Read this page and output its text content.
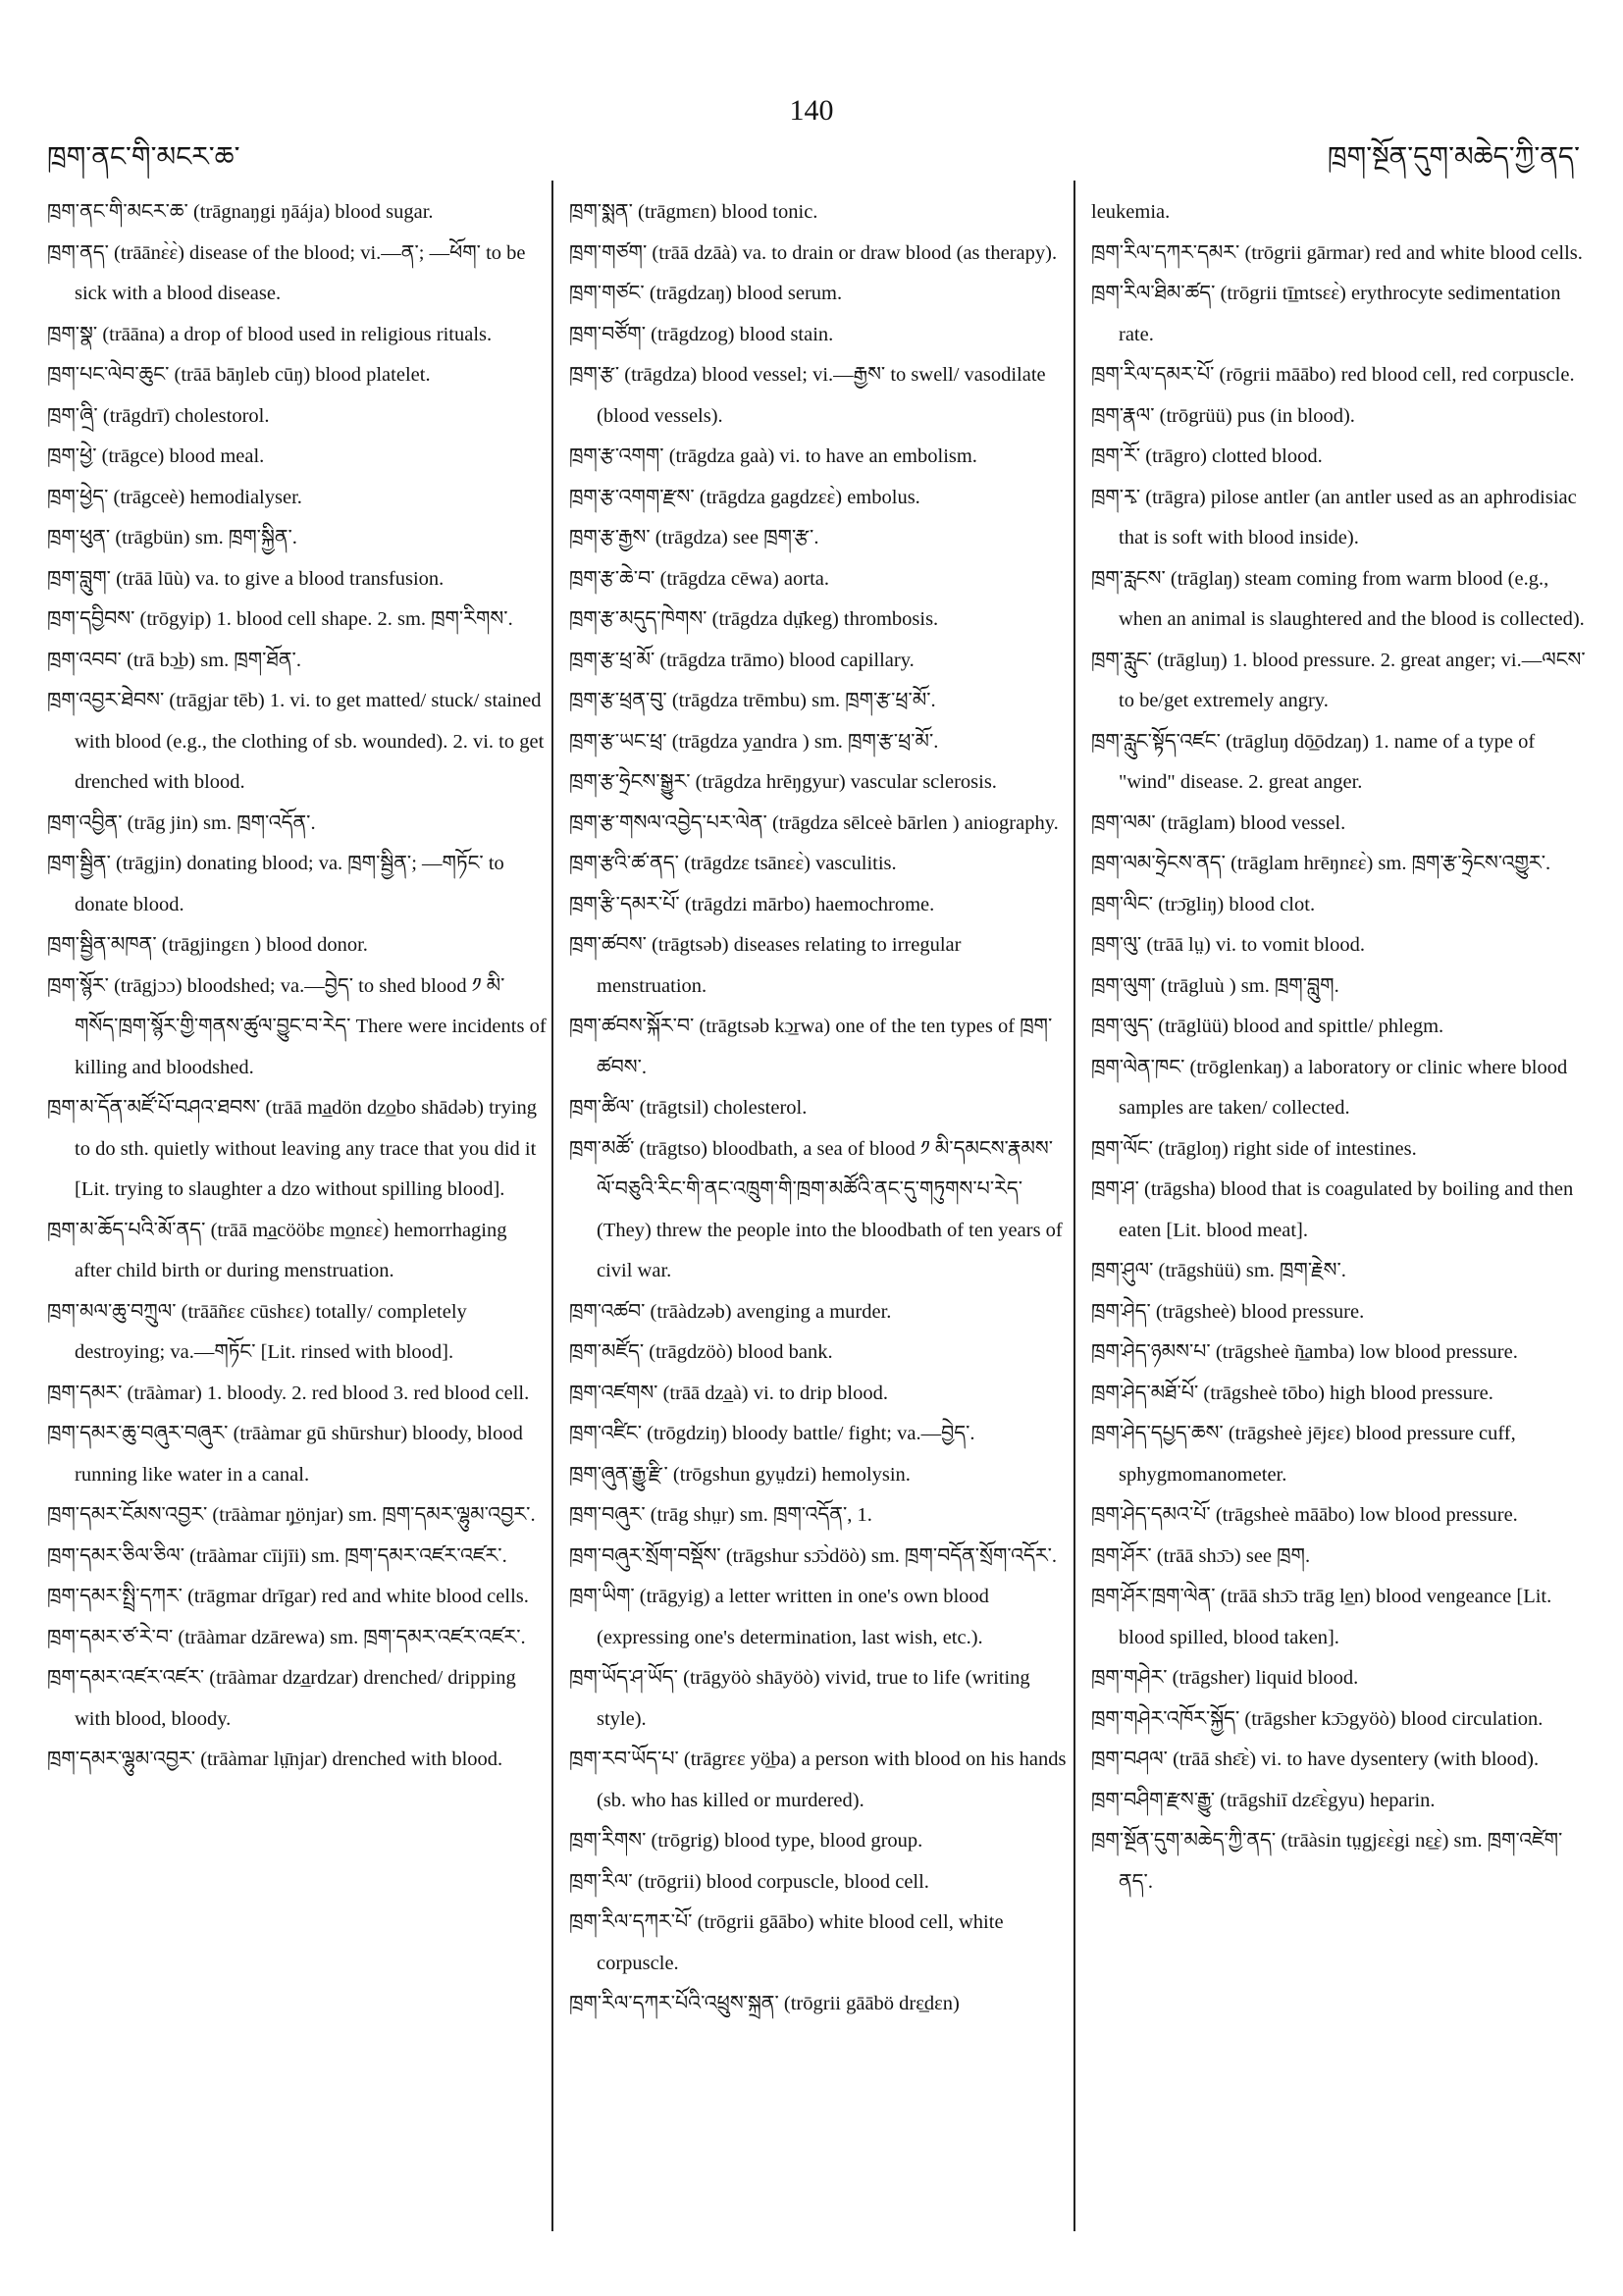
ཁྲག་ནང་གི་མངར་ཆ་
140
ཁྲག་སྔོན་དུག་མཆེད་ཀྱི་ནད་

ཁྲག་ནང་གི་མངར་ཆ་ (trāgnaŋgi ŋāája) blood sugar.

ཁྲག་ནད་ (trāānɛ̀ɛ̀) disease of the blood; vi.—ན་; —ཕོག་ to be sick with a blood disease.

ཁྲག་སྣ་ (trāāna) a drop of blood used in religious rituals.

ཁྲག་པང་ལེབ་ཆུང་ (trāā bāŋleb cūŋ) blood platelet.

ཁྲག་ཞྲི་ (trāgdrī) cholestorol.

ཁྲག་ཕྱེ་ (trāgce) blood meal.

ཁྲག་ཕྱེད་ (trāgceè) hemodialyser.

ཁྲག་ཕུན་ (trāgbün) sm. ཁྲག་སྐྱིན་.

ཁྲག་བླུག་ (trāā lūù) va. to give a blood transfusion.

ཁྲག་དབྱིབས་ (trōgyip) 1. blood cell shape. 2. sm. ཁྲག་རིགས་.

ཁྲག་འབབ་ (trā bɔ̲b) sm. ཁྲག་ཐོན་.

ཁྲག་འབྱར་ཐེབས་ (trāgjar tēb) 1. vi. to get matted/ stuck/ stained with blood (e.g., the clothing of sb. wounded). 2. vi. to get drenched with blood.

ཁྲག་འབྱིན་ (trāg jin) sm. ཁྲག་འདོན་.

ཁྲག་སྦྱིན་ (trāgjin) donating blood; va. ཁྲག་སྦྱིན་; —གཏོང་ to donate blood.

ཁྲག་སྦྱིན་མཁན་ (trāgjingɛn ) blood donor.

ཁྲག་སྙོར་ (trāgjɔɔ) bloodshed; va.—བྱེད་ to shed blood ༡ མི་གསོད་ཁྲག་སྙོར་གྱི་གནས་ཚུལ་བྱུང་བ་རེད་ There were incidents of killing and bloodshed.

ཁྲག་མ་དོན་མཛོ་པོ་བཤའ་ཐབས་ (trāā ma̲dön dzo̲bo shādəb) trying to do sth. quietly without leaving any trace that you did it [Lit. trying to slaughter a dzo without spilling blood].

ཁྲག་མ་ཆོད་པའི་མོ་ནད་ (trāā ma̲cööbɛ mo̲nɛɛ̀) hemorrhaging after child birth or during menstruation.

ཁྲག་མལ་ཆུ་བཀྲུལ་ (trāāñɛɛ cūshɛɛ) totally/ completely destroying; va.—གཏོང་ [Lit. rinsed with blood].

ཁྲག་དམར་ (trāàmar) 1. bloody. 2. red blood 3. red blood cell.

ཁྲག་དམར་ཆུ་བཞུར་བཞུར་ (trāàmar gū shūrshur) bloody, blood running like water in a canal.

ཁྲག་དམར་ངོམས་འབྱར་ (trāàmar ŋ̲önjar) sm. ཁྲག་དམར་ལྷུམ་འབྱར་.

ཁྲག་དམར་ཅིལ་ཅིལ་ (trāàmar cīijīi) sm. ཁྲག་དམར་འཛར་འཛར་.

ཁྲག་དམར་སྤྲི་དཀར་ (trāgmar drīgar) red and white blood cells.

ཁྲག་དམར་ཙ་རེ་བ་ (trāàmar dzārewa) sm. ཁྲག་དམར་འཛར་འཛར་.

ཁྲག་དམར་འཛར་འཛར་ (trāàmar dza̲rdzar) drenched/ dripping with blood, bloody.

ཁྲག་དམར་ལྷུམ་འབྱར་ (trāàmar lṳ̄njar) drenched with blood.

ཁྲག་སྨན་ (trāgmɛn) blood tonic.

ཁྲག་གཙག་ (trāā dzāà) va. to drain or draw blood (as therapy).

ཁྲག་གཙང་ (trāgdzaŋ) blood serum.

ཁྲག་བཙོག་ (trāgdzog) blood stain.

ཁྲག་རྩ་ (trāgdza) blood vessel; vi.—རྒྱས་ to swell/ vasodilate (blood vessels).

ཁྲག་རྩ་འགག་ (trāgdza gaà) vi. to have an embolism.

ཁྲག་རྩ་འགག་རྫས་ (trāgdza gagdzɛɛ̀) embolus.

ཁྲག་རྩ་རྒྱས་ (trāgdza) see ཁྲག་རྩ་.

ཁྲག་རྩ་ཆེ་བ་ (trāgdza cēwa) aorta.

ཁྲག་རྩ་མདུད་ཁེགས་ (trāgdza dṳ̄keg) thrombosis.

ཁྲག་རྩ་ཕྲ་མོ་ (trāgdza trāmo) blood capillary.

ཁྲག་རྩ་ཕྲན་བུ་ (trāgdza trēmbu) sm. ཁྲག་རྩ་ཕྲ་མོ་.

ཁྲག་རྩ་ཡང་ཕྲ་ (trāgdza ya̲ndra ) sm. ཁྲག་རྩ་ཕྲ་མོ་.

ཁྲག་རྩ་ཧྲེངས་སྒྱུར་ (trāgdza hrēŋgyur) vascular sclerosis.

ཁྲག་རྩ་གསལ་འབྱེད་པར་ལེན་ (trāgdza sēlceè bārlen ) aniography.

ཁྲག་རྩའི་ཚ་ནད་ (trāgdzɛ tsānɛɛ̀) vasculitis.

ཁྲག་རྩི་དམར་པོ་ (trāgdzi mārbo) haemochrome.

ཁྲག་ཚབས་ (trāgtsəb) diseases relating to irregular menstruation.

ཁྲག་ཚབས་སྐོར་བ་ (trāgtsəb kɔ̲rwa) one of the ten types of ཁྲག་ཚབས་.

ཁྲག་ཚིལ་ (trāgtsil) cholesterol.

ཁྲག་མཚོ་ (trāgtso) bloodbath, a sea of blood ༡ མི་དམངས་རྣམས་ལོ་བཅུའི་རིང་གི་ནང་འཁྲུག་གི་ཁྲག་མཚོའི་ནང་དུ་གཏུགས་པ་རེད་ (They) threw the people into the bloodbath of ten years of civil war.

ཁྲག་འཚབ་ (trāàdzəb) avenging a murder.

ཁྲག་མཛོད་ (trāgdzöò) blood bank.

ཁྲག་འཛགས་ (trāā dza̲à) vi. to drip blood.

ཁྲག་འཛིང་ (trōgdziŋ) bloody battle/ fight; va.—བྱེད་.

ཁྲག་ཞུན་རྒྱུ་རྫི་ (trōgshun gyṳdzi) hemolysin.

ཁྲག་བཞུར་ (trāg shṳr) sm. ཁྲག་འདོན་, 1.

ཁྲག་བཞུར་སྲོག་བསྡོས་ (trāgshur sɔ̄ɔ̀döò) sm. ཁྲག་བདོན་སྲོག་འདོར་.

ཁྲག་ཡིག་ (trāgyig) a letter written in one's own blood (expressing one's determination, last wish, etc.).

ཁྲག་ཡོད་ཤ་ཡོད་ (trāgyöò shāyöò) vivid, true to life (writing style).

ཁྲག་རབ་ཡོད་པ་ (trāgrɛɛ yö̲ba) a person with blood on his hands (sb. who has killed or murdered).

ཁྲག་རིགས་ (trōgrig) blood type, blood group.

ཁྲག་རིལ་ (trōgrii) blood corpuscle, blood cell.

ཁྲག་རིལ་དཀར་པོ་ (trōgrii gāābo) white blood cell, white corpuscle.

ཁྲག་རིལ་དཀར་པོའི་འཕྲུས་སྐྲན་ (trōgrii gāābö drɛ̲dɛn)

leukemia.

ཁྲག་རིལ་དཀར་དམར་ (trōgrii gārmar) red and white blood cells.

ཁྲག་རིལ་ཐིམ་ཚད་ (trōgrii tī̲mtsɛɛ̀) erythrocyte sedimentation rate.

ཁྲག་རིལ་དམར་པོ་ (rōgrii māābo) red blood cell, red corpuscle.

ཁྲག་རྣལ་ (trōgrüü) pus (in blood).

ཁྲག་རོ་ (trāgro) clotted blood.

ཁྲག་རྭ་ (trāgra) pilose antler (an antler used as an aphrodisiac that is soft with blood inside).

ཁྲག་རླངས་ (trāglaŋ) steam coming from warm blood (e.g., when an animal is slaughtered and the blood is collected).

ཁྲག་རླུང་ (trāgluŋ) 1. blood pressure. 2. great anger; vi.—ལངས་ to be/get extremely angry.

ཁྲག་རླུང་སྟོད་འཛང་ (trāgluŋ dō̲ōdzaŋ) 1. name of a type of "wind" disease. 2. great anger.

ཁྲག་ལམ་ (trāglam) blood vessel.

ཁྲག་ལམ་ཧྲེངས་ནད་ (trāglam hrēŋnɛɛ̀) sm. ཁྲག་རྩ་ཧྲེངས་འགྱུར་.

ཁྲག་ལིང་ (trɔ̄gliŋ) blood clot.

ཁྲག་ལུ་ (trāā lṳ) vi. to vomit blood.

ཁྲག་ལུག་ (trāgluù ) sm. ཁྲག་བླུག.

ཁྲག་ལུད་ (trāglüü) blood and spittle/ phlegm.

ཁྲག་ལེན་ཁང་ (trōglenkaŋ) a laboratory or clinic where blood samples are taken/ collected.

ཁྲག་ལོང་ (trāgloŋ) right side of intestines.

ཁྲག་ཤ་ (trāgsha) blood that is coagulated by boiling and then eaten [Lit. blood meat].

ཁྲག་ཤུལ་ (trāgshüü) sm. ཁྲག་རྗེས་.

ཁྲག་ཤེད་ (trāgsheè) blood pressure.

ཁྲག་ཤེད་ཉམས་པ་ (trāgsheè ñ̲amba) low blood pressure.

ཁྲག་ཤེད་མཐོ་པོ་ (trāgsheè tōbo) high blood pressure.

ཁྲག་ཤེད་དཔྱད་ཆས་ (trāgsheè jējɛɛ) blood pressure cuff, sphygmomanometer.

ཁྲག་ཤེད་དམའ་པོ་ (trāgsheè māābo) low blood pressure.

ཁྲག་ཤོར་ (trāā shɔ̄ɔ) see ཁྲག.

ཁྲག་ཤོར་ཁྲག་ལེན་ (trāā shɔ̄ɔ trāg le̲n) blood vengeance [Lit. blood spilled, blood taken].

ཁྲག་གཤེར་ (trāgsher) liquid blood.

ཁྲག་གཤེར་འཁོར་སྐྱོད་ (trāgsher kɔ̄ɔgyöò) blood circulation.

ཁྲག་བཤལ་ (trāā shɛ̄ɛ̀) vi. to have dysentery (with blood).

ཁྲག་བཤིག་རྫས་རྒྱུ་ (trāgshiī dzɛ̄ɛ̀gyu) heparin.

ཁྲག་སྔོན་དུག་མཆེད་ཀྱི་ནད་ (trāàsin tṳgjɛɛ̀gi nɛ̲ɛ̀) sm. ཁྲག་འཛེག་ནད་.
